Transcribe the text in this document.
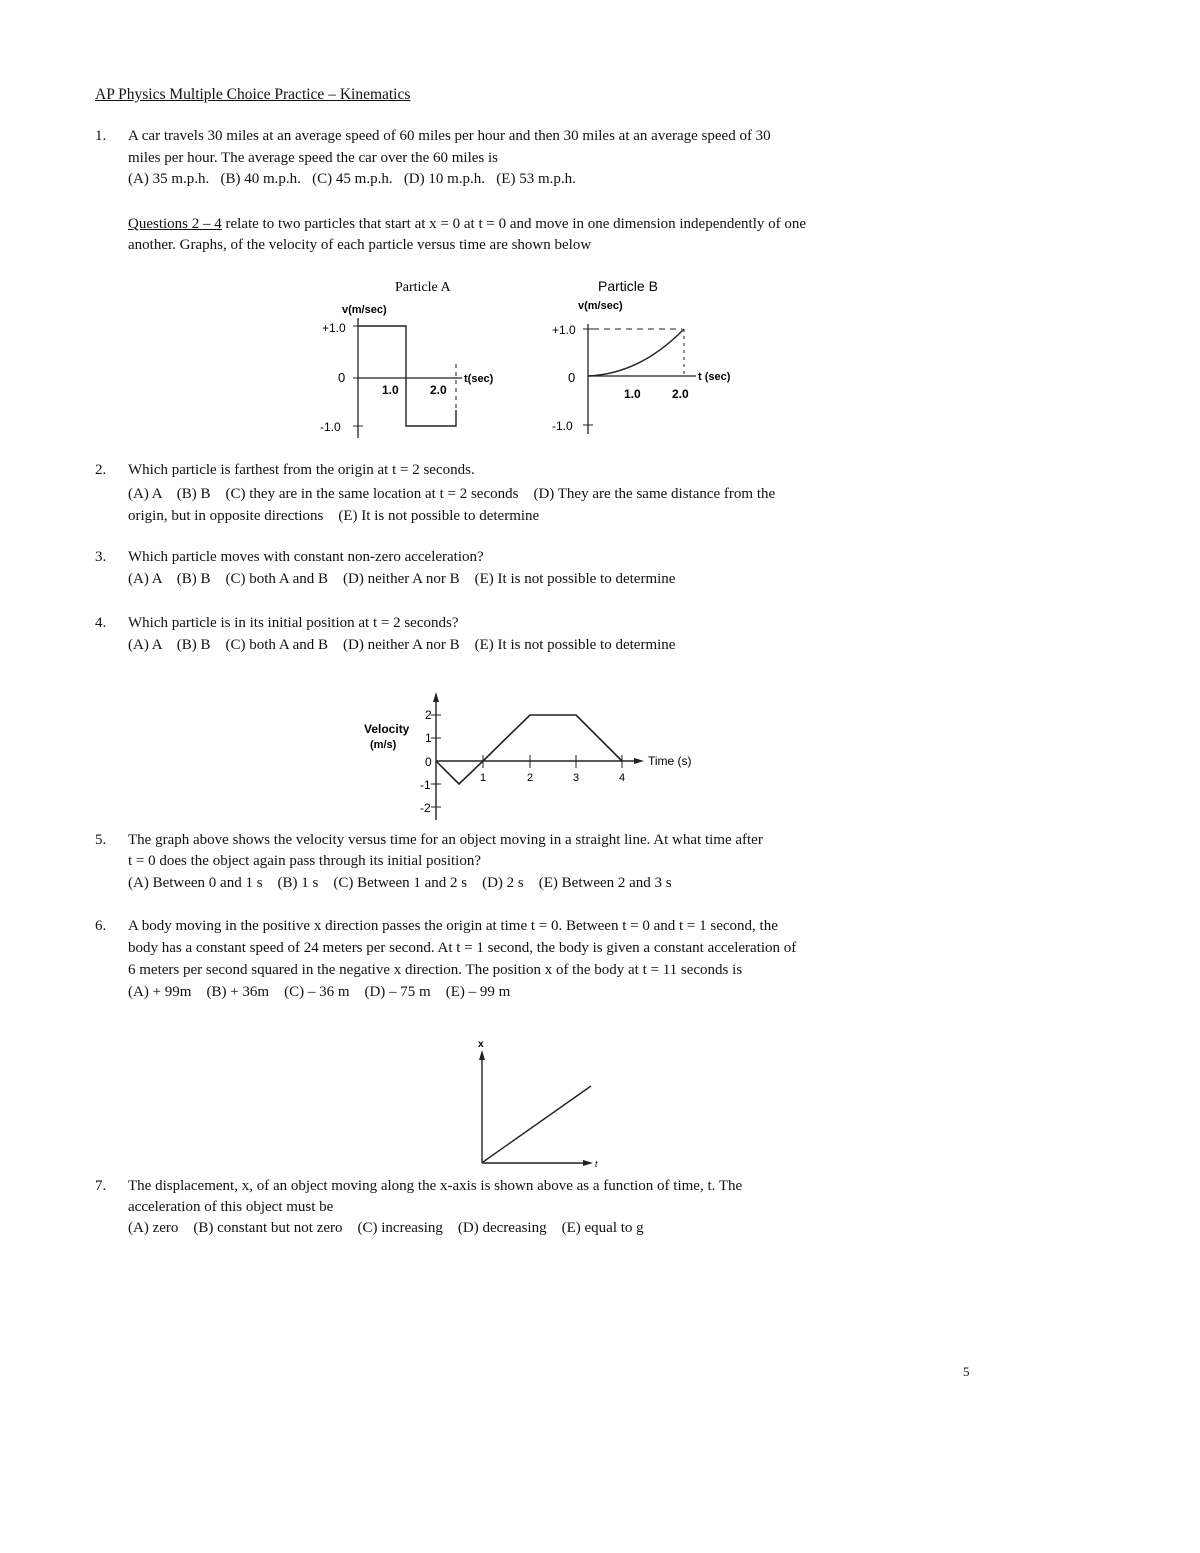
AP Physics Multiple Choice Practice – Kinematics
1. A car travels 30 miles at an average speed of 60 miles per hour and then 30 miles at an average speed of 30
miles per hour. The average speed the car over the 60 miles is
(A) 35 m.p.h.   (B) 40 m.p.h.   (C) 45 m.p.h.   (D) 10 m.p.h.   (E) 53 m.p.h.
Questions 2 – 4 relate to two particles that start at x = 0 at t = 0 and move in one dimension independently of one
another. Graphs, of the velocity of each particle versus time are shown below
Particle A
v(m/sec)
+1.0
0
-1.0
1.0	2.0
t(sec)
Particle B
v(m/sec)
+1.0
0
-1.0
1.0	2.0
t (sec)
2. Which particle is farthest from the origin at t = 2 seconds.
(A) A    (B) B    (C) they are in the same location at t = 2 seconds    (D) They are the same distance from the
origin, but in opposite directions    (E) It is not possible to determine
3. Which particle moves with constant non-zero acceleration?
(A) A    (B) B    (C) both A and B    (D) neither A nor B    (E) It is not possible to determine
4. Which particle is in its initial position at t = 2 seconds?
(A) A    (B) B    (C) both A and B    (D) neither A nor B    (E) It is not possible to determine
Velocity
(m/s)
2
1
0
-1
-2
1	2	3	4
Time (s)
5. The graph above shows the velocity versus time for an object moving in a straight line. At what time after
t = 0 does the object again pass through its initial position?
(A) Between 0 and 1 s    (B) 1 s    (C) Between 1 and 2 s    (D) 2 s    (E) Between 2 and 3 s
6. A body moving in the positive x direction passes the origin at time t = 0. Between t = 0 and t = 1 second, the
body has a constant speed of 24 meters per second. At t = 1 second, the body is given a constant acceleration of
6 meters per second squared in the negative x direction. The position x of the body at t = 11 seconds is
(A) + 99m    (B) + 36m    (C) – 36 m    (D) – 75 m    (E) – 99 m
x
t
7. The displacement, x, of an object moving along the x-axis is shown above as a function of time, t. The
acceleration of this object must be
(A) zero    (B) constant but not zero    (C) increasing    (D) decreasing    (E) equal to g
5
